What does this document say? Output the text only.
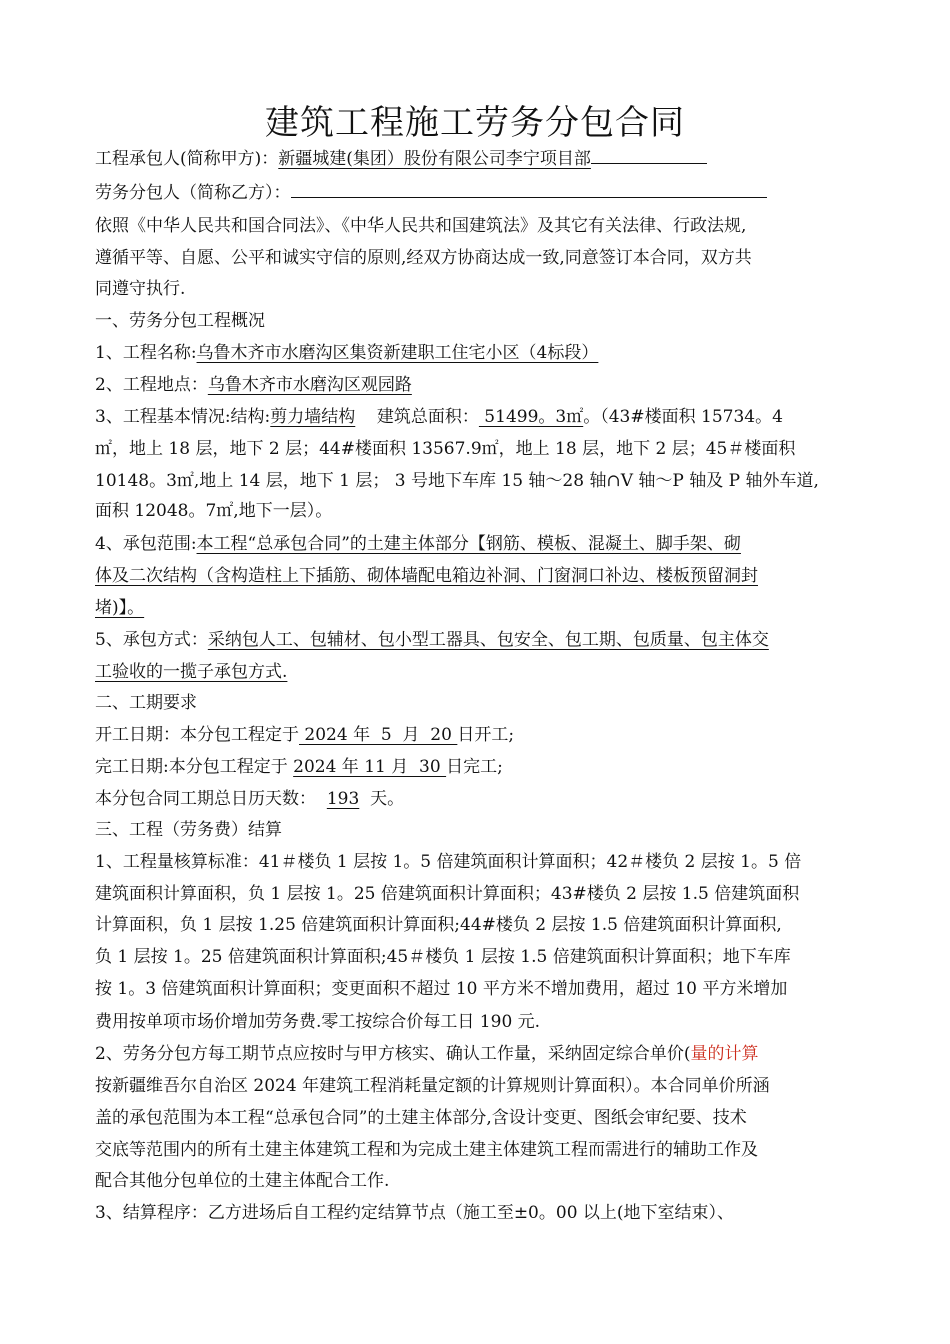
建筑工程施工劳务分包合同
工程承包人(简称甲方)：新疆城建(集团）股份有限公司李宁项目部
劳务分包人（简称乙方）：
依照《中华人民共和国合同法》、《中华人民共和国建筑法》及其它有关法律、行政法规,
遵循平等、自愿、公平和诚实守信的原则,经双方协商达成一致,同意签订本合同，双方共
同遵守执行.
一、劳务分包工程概况
1、工程名称:乌鲁木齐市水磨沟区集资新建职工住宅小区（4标段）
2、工程地点：乌鲁木齐市水磨沟区观园路
3、工程基本情况:结构:剪力墙结构    建筑总面积： 51499。3㎡。（43#楼面积 15734。4
㎡，地上 18 层，地下 2 层；44#楼面积 13567.9㎡，地上 18 层，地下 2 层；45＃楼面积
10148。3㎡,地上 14 层，地下 1 层； 3 号地下车库 15 轴～28 轴∩V 轴～P 轴及 P 轴外车道,
面积 12048。7㎡,地下一层）。
4、承包范围:本工程“总承包合同”的土建主体部分【钢筋、模板、混凝土、脚手架、砌
体及二次结构（含构造柱上下插筋、砌体墙配电箱边补洞、门窗洞口补边、楼板预留洞封
堵)】。
5、承包方式：采纳包人工、包辅材、包小型工器具、包安全、包工期、包质量、包主体交
工验收的一揽子承包方式.
二、工期要求
开工日期：本分包工程定于 2024 年  5  月  20 日开工;
完工日期:本分包工程定于 2024 年 11 月  30 日完工;
本分包合同工期总日历天数：  193  天。
三、工程（劳务费）结算
1、工程量核算标准：41＃楼负 1 层按 1。5 倍建筑面积计算面积；42＃楼负 2 层按 1。5 倍
建筑面积计算面积，负 1 层按 1。25 倍建筑面积计算面积；43#楼负 2 层按 1.5 倍建筑面积
计算面积，负 1 层按 1.25 倍建筑面积计算面积;44#楼负 2 层按 1.5 倍建筑面积计算面积,
负 1 层按 1。25 倍建筑面积计算面积;45＃楼负 1 层按 1.5 倍建筑面积计算面积；地下车库
按 1。3 倍建筑面积计算面积；变更面积不超过 10 平方米不增加费用，超过 10 平方米增加
费用按单项市场价增加劳务费.零工按综合价每工日 190 元.
2、劳务分包方每工期节点应按时与甲方核实、确认工作量，采纳固定综合单价(量的计算
按新疆维吾尔自治区 2024 年建筑工程消耗量定额的计算规则计算面积）。本合同单价所涵
盖的承包范围为本工程“总承包合同”的土建主体部分,含设计变更、图纸会审纪要、技术
交底等范围内的所有土建主体建筑工程和为完成土建主体建筑工程而需进行的辅助工作及
配合其他分包单位的土建主体配合工作.
3、结算程序：乙方进场后自工程约定结算节点（施工至±0。00 以上(地下室结束）、
